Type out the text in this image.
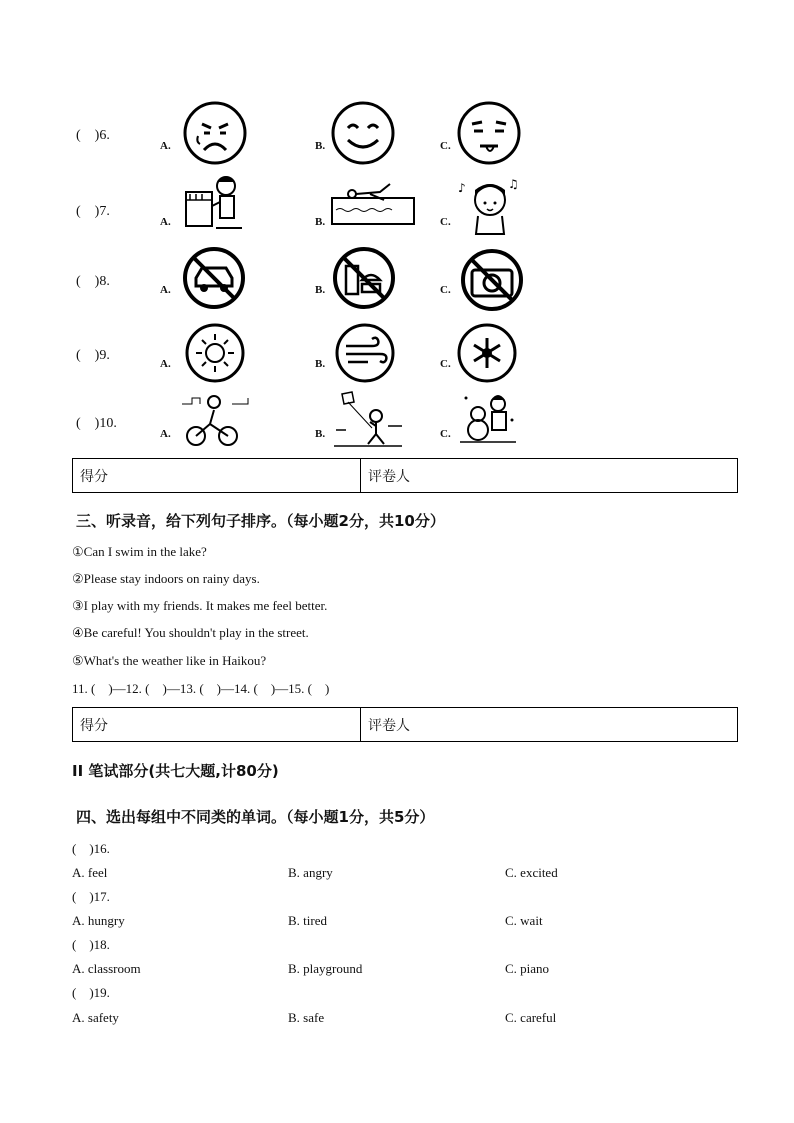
(    )6.
A.	B.	C.
(    )7.
A.	B.	C.
♪	♫
(    )8.
A.	B.	C.
(    )9.
A.	B.	C.
(    )10.
A.	B.	C.
得分	评卷人
三、听录音，给下列句子排序。（每小题2分，共10分）
①Can I swim in the lake?
②Please stay indoors on rainy days.
③I play with my friends. It makes me feel better.
④Be careful! You shouldn't play in the street.
⑤What's the weather like in Haikou?
11. (    )—12. (    )—13. (    )—14. (    )—15. (    )
得分	评卷人
II 笔试部分(共七大题,计80分)
四、选出每组中不同类的单词。（每小题1分，共5分）
(    )16.
A. feel	B. angry	C. excited
(    )17.
A. hungry	B. tired	C. wait
(    )18.
A. classroom	B. playground	C. piano
(    )19.
A. safety	B. safe	C. careful
